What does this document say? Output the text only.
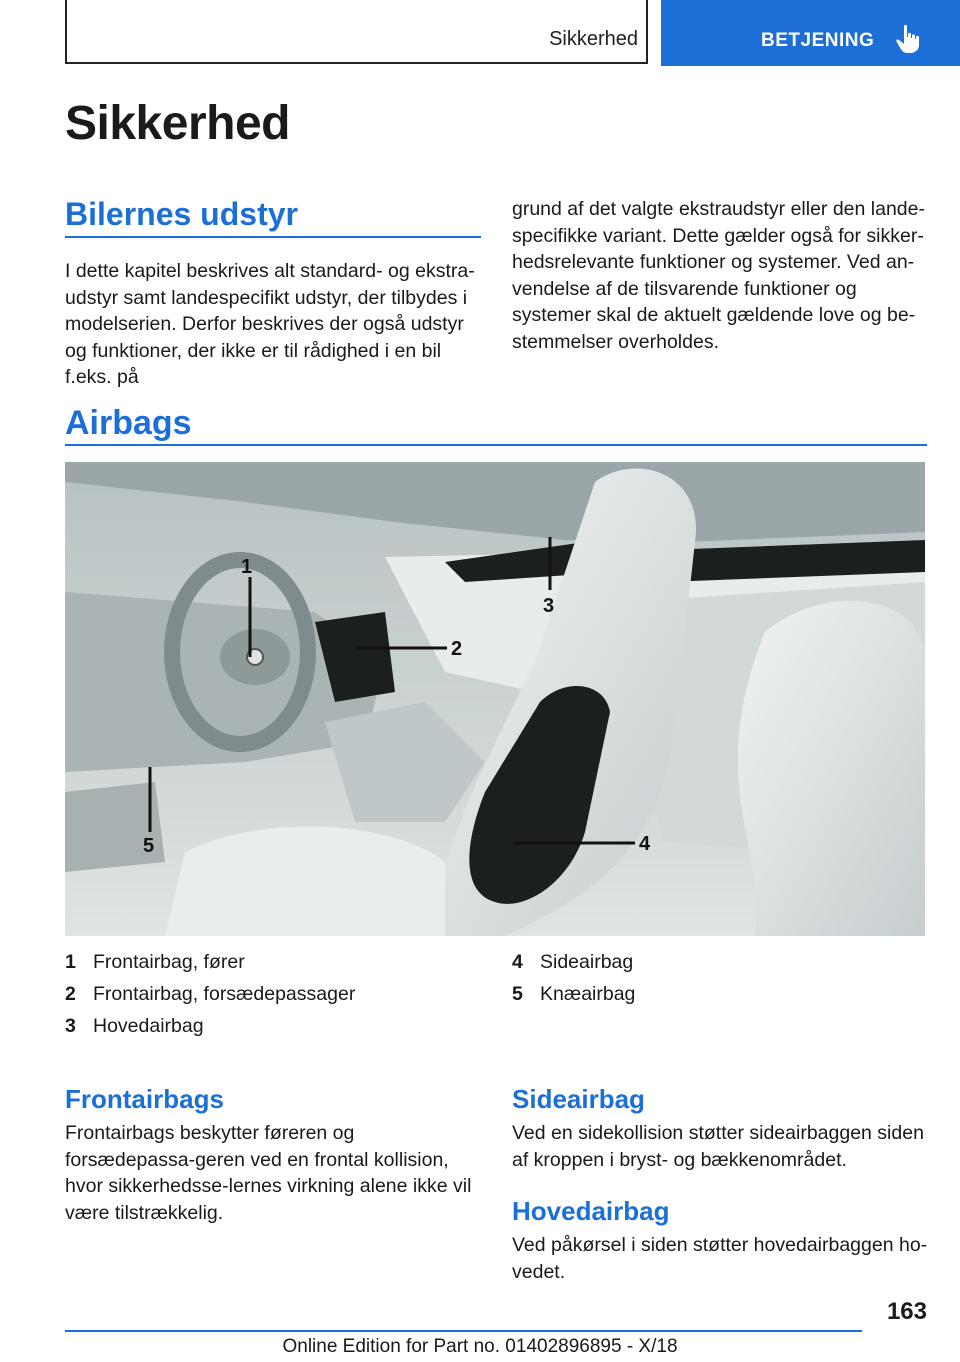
Sikkerhed	BETJENING
Sikkerhed
Bilernes udstyr

I dette kapitel beskrives alt standard- og ekstra-udstyr samt landespecifikt udstyr, der tilbydes i modelserien. Derfor beskrives der også udstyr og funktioner, der ikke er til rådighed i en bil f.eks. på

grund af det valgte ekstraudstyr eller den lande-specifikke variant. Dette gælder også for sikker-hedsrelevante funktioner og systemer. Ved an-vendelse af de tilsvarende funktioner og systemer skal de aktuelt gældende love og be-stemmelser overholdes.

Airbags
1
2
3
4
5
1 Frontairbag, fører
2 Frontairbag, forsædepassager
3 Hovedairbag
4 Sideairbag
5 Knæairbag
Frontairbags

Frontairbags beskytter føreren og forsædepassa-geren ved en frontal kollision, hvor sikkerhedsse-lernes virkning alene ikke vil være tilstrækkelig.

Sideairbag

Ved en sidekollision støtter sideairbaggen siden af kroppen i bryst- og bækkenområdet.

Hovedairbag

Ved påkørsel i siden støtter hovedairbaggen ho-vedet.

163
Online Edition for Part no. 01402896895 - X/18
